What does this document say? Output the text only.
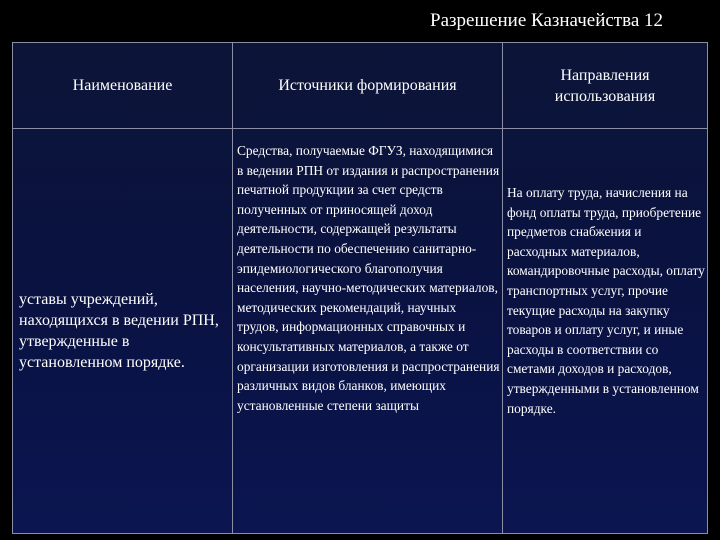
Разрешение Казначейства 12
Наименование	Источники формирования
Направления использования
уставы учреждений, находящихся в ведении РПН, утвержденные в установленном порядке.
Средства, получаемые ФГУЗ, находящимися в ведении РПН от издания и распространения печатной продукции за счет средств полученных от приносящей доход деятельности, содержащей результаты деятельности по обеспечению санитарно-эпидемиологического благополучия населения, научно-методических материалов, методических рекомендаций, научных трудов, информационных справочных и консультативных материалов, а также от организации изготовления и распространения различных видов бланков, имеющих установленные степени защиты
На оплату труда, начисления на фонд оплаты труда, приобретение предметов снабжения и расходных материалов, командировочные расходы, оплату транспортных услуг, прочие текущие расходы на закупку товаров и оплату услуг, и иные расходы в соответствии со сметами доходов и расходов, утвержденными в установленном порядке.
